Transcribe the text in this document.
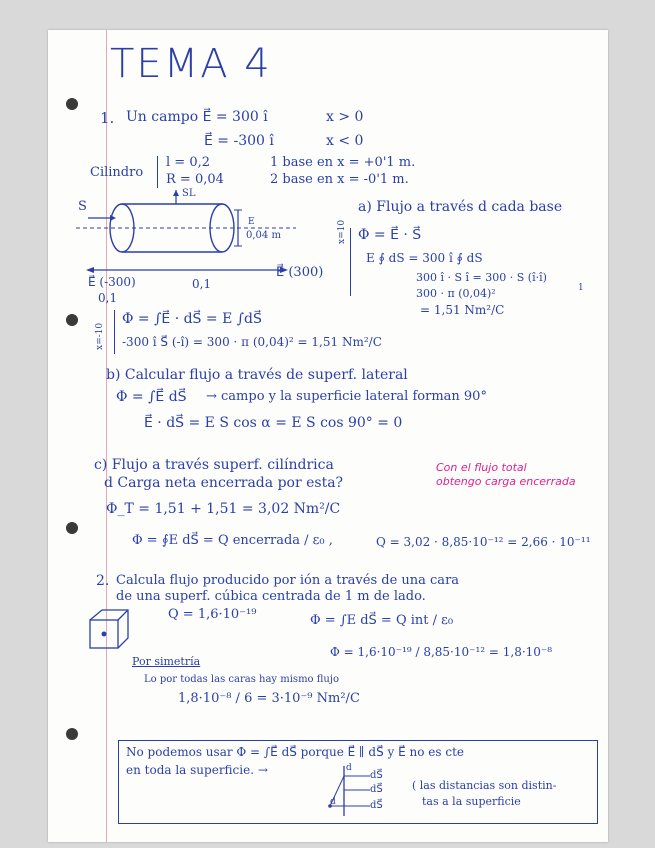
TEMA 4
1. Un campo E⃗ = 300 î	x > 0
E⃗ = -300 î	x < 0
Cilindro
l = 0,2
R = 0,04
1 base en x = +0'1 m.
2 base en x = -0'1 m.
S
SL
0,04 m
E
E⃗ (-300)
0,1
0,1
E⃗ (300)
a) Flujo a través d cada base
x=10 Φ = E⃗ · S⃗
E ∮ dS = 300 î ∮ dS
300 î · S î = 300 · S (î·î)
1
300 · π (0,04)²
= 1,51 Nm²/C
x=-10
Φ = ∫E⃗ · dS⃗ = E ∫dS⃗
-300 î S⃗ (-î) = 300 · π (0,04)² = 1,51 Nm²/C
b) Calcular flujo a través de superf. lateral
Φ = ∫E⃗ dS⃗ → campo y la superficie lateral forman 90°
E⃗ · dS⃗ = E S cos α = E S cos 90° = 0
c) Flujo a través superf. cilíndrica
d Carga neta encerrada por esta?
Con el flujo total
obtengo carga encerrada
Φ_T = 1,51 + 1,51 = 3,02 Nm²/C
Φ = ∮E dS⃗ = Q encerrada / ε₀ ,	Q = 3,02 · 8,85·10⁻¹² = 2,66 · 10⁻¹¹
2. Calcula flujo producido por ión a través de una cara
de una superf. cúbica centrada de 1 m de lado.
Q = 1,6·10⁻¹⁹	Φ = ∫E dS⃗ = Q int / ε₀
Φ = 1,6·10⁻¹⁹ / 8,85·10⁻¹² = 1,8·10⁻⁸
Por simetría
Lo por todas las caras hay mismo flujo
1,8·10⁻⁸ / 6 = 3·10⁻⁹ Nm²/C
No podemos usar Φ = ∫E⃗ dS⃗ porque E⃗ ∥ dS⃗ y E⃗ no es cte
en toda la superficie. →	dS⃗
dS⃗
dS⃗
d
d
( las distancias son distin-
tas a la superficie
